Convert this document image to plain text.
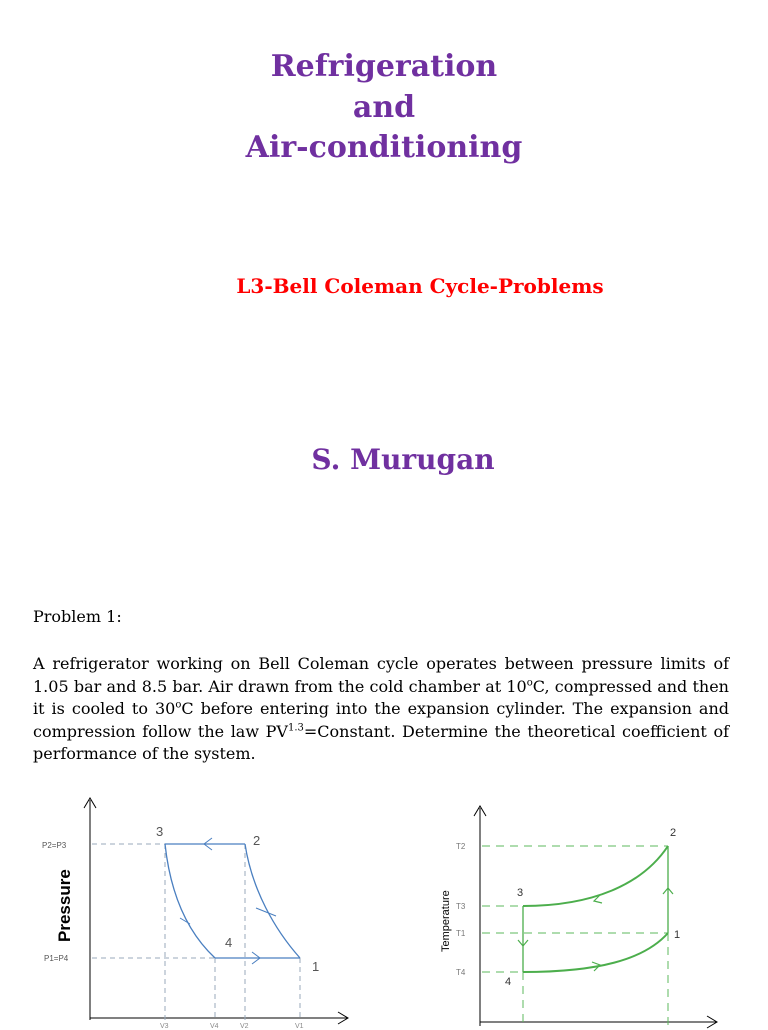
Refrigeration
and
Air-conditioning
L3-Bell Coleman Cycle-Problems
S. Murugan
Problem 1:
A refrigerator working on Bell Coleman cycle operates between pressure limits of 1.05 bar and 8.5 bar. Air drawn from the cold chamber at 10$^o$C, compressed and then it is cooled to 30$^o$C before entering into the expansion cylinder. The expansion and compression follow the law $PV^{1.3}=Constant$. Determine the theoretical coefficient of performance of the system.
Pressure
P2=P3
P1=P4
1
2
3
4
V3	V4	V2	V1
Temperature
T2
T3
T1
T4
1
2
3
4
